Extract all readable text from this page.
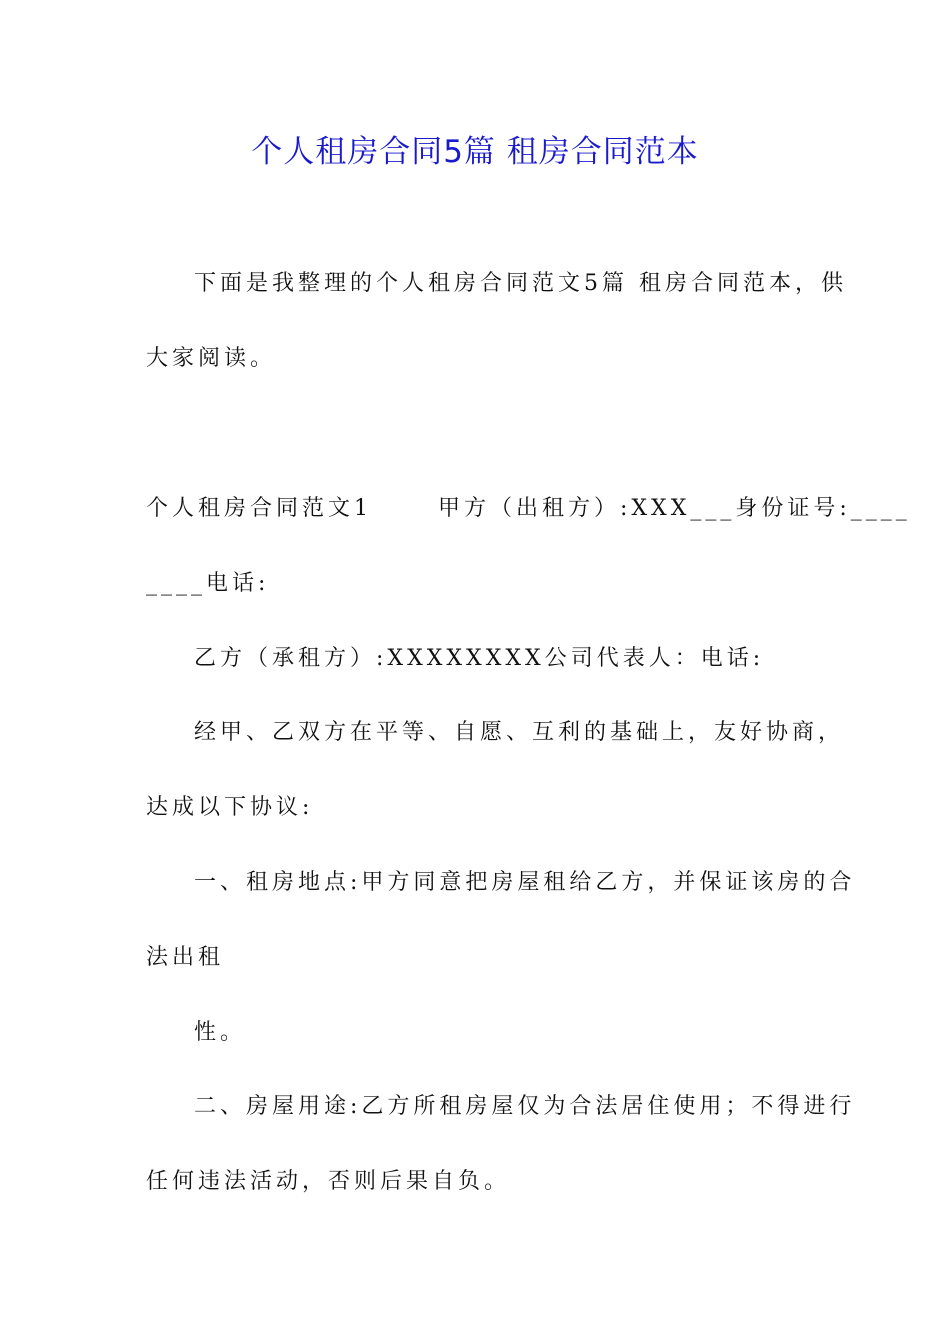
个人租房合同5篇 租房合同范本
下面是我整理的个人租房合同范文5篇 租房合同范本，供
大家阅读。
个人租房合同范文1      甲方（出租方）:XXX___身份证号:____
____电话:
乙方（承租方）:XXXXXXXX公司代表人：电话:
经甲、乙双方在平等、自愿、互利的基础上，友好协商，
达成以下协议:
一、租房地点:甲方同意把房屋租给乙方，并保证该房的合
法出租
性。
二、房屋用途:乙方所租房屋仅为合法居住使用；不得进行
任何违法活动，否则后果自负。
